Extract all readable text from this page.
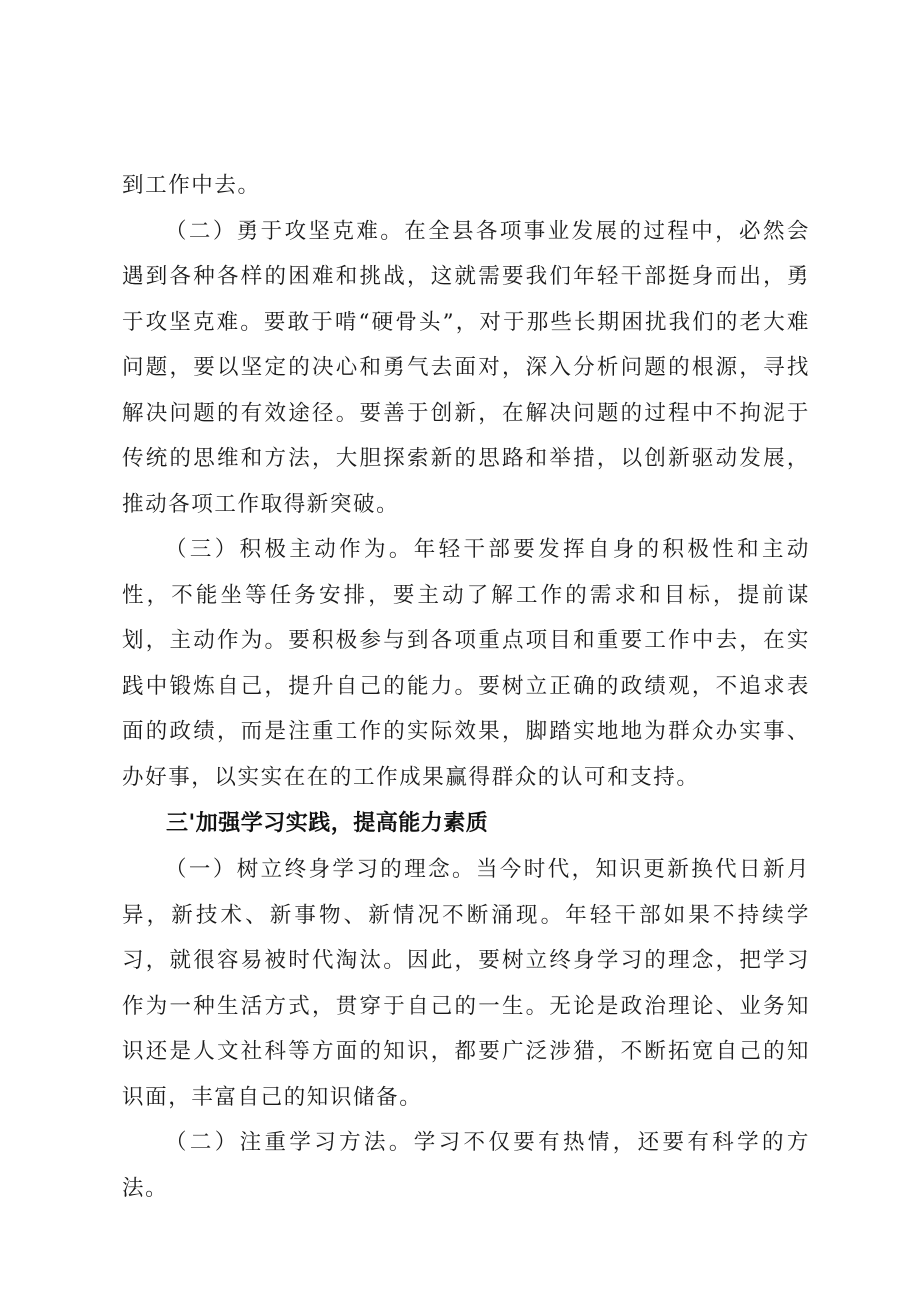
到工作中去。

（二）勇于攻坚克难。在全县各项事业发展的过程中，必然会遇到各种各样的困难和挑战，这就需要我们年轻干部挺身而出，勇于攻坚克难。要敢于啃“硬骨头”，对于那些长期困扰我们的老大难问题，要以坚定的决心和勇气去面对，深入分析问题的根源，寻找解决问题的有效途径。要善于创新，在解决问题的过程中不拘泥于传统的思维和方法，大胆探索新的思路和举措，以创新驱动发展，推动各项工作取得新突破。

（三）积极主动作为。年轻干部要发挥自身的积极性和主动性，不能坐等任务安排，要主动了解工作的需求和目标，提前谋划，主动作为。要积极参与到各项重点项目和重要工作中去，在实践中锻炼自己，提升自己的能力。要树立正确的政绩观，不追求表面的政绩，而是注重工作的实际效果，脚踏实地地为群众办实事、办好事，以实实在在的工作成果赢得群众的认可和支持。

三'加强学习实践，提高能力素质

（一）树立终身学习的理念。当今时代，知识更新换代日新月异，新技术、新事物、新情况不断涌现。年轻干部如果不持续学习，就很容易被时代淘汰。因此，要树立终身学习的理念，把学习作为一种生活方式，贯穿于自己的一生。无论是政治理论、业务知识还是人文社科等方面的知识，都要广泛涉猎，不断拓宽自己的知识面，丰富自己的知识储备。

（二）注重学习方法。学习不仅要有热情，还要有科学的方法。
